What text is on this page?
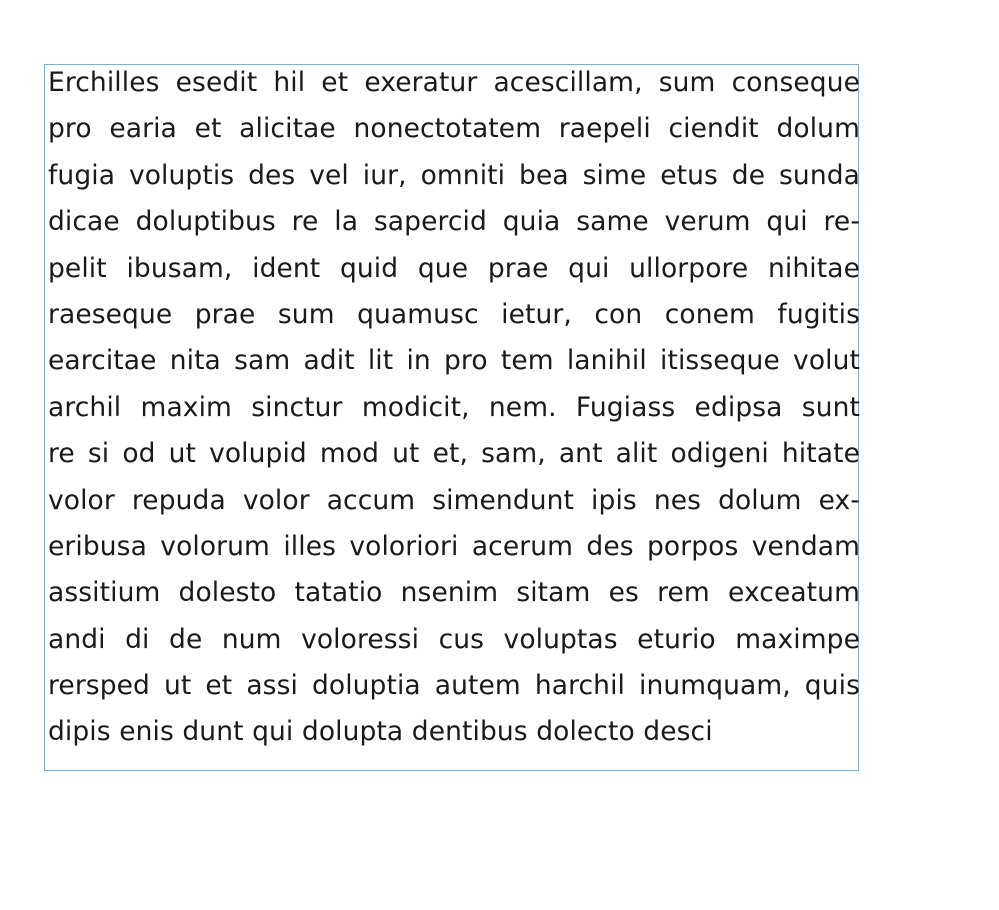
Erchilles esedit hil et exeratur acescillam, sum conseque
pro earia et alicitae nonectotatem raepeli ciendit dolum
fugia voluptis des vel iur, omniti bea sime etus de sunda
dicae doluptibus re la sapercid quia same verum qui re-
pelit ibusam, ident quid que prae qui ullorpore nihitae
raeseque prae sum quamusc ietur, con conem fugitis
earcitae nita sam adit lit in pro tem lanihil itisseque volut
archil maxim sinctur modicit, nem. Fugiass edipsa sunt
re si od ut volupid mod ut et, sam, ant alit odigeni hitate
volor repuda volor accum simendunt ipis nes dolum ex-
eribusa volorum illes voloriori acerum des porpos vendam
assitium dolesto tatatio nsenim sitam es rem exceatum
andi di de num voloressi cus voluptas eturio maximpe
rersped ut et assi doluptia autem harchil inumquam, quis
dipis enis dunt qui dolupta dentibus dolecto desci
